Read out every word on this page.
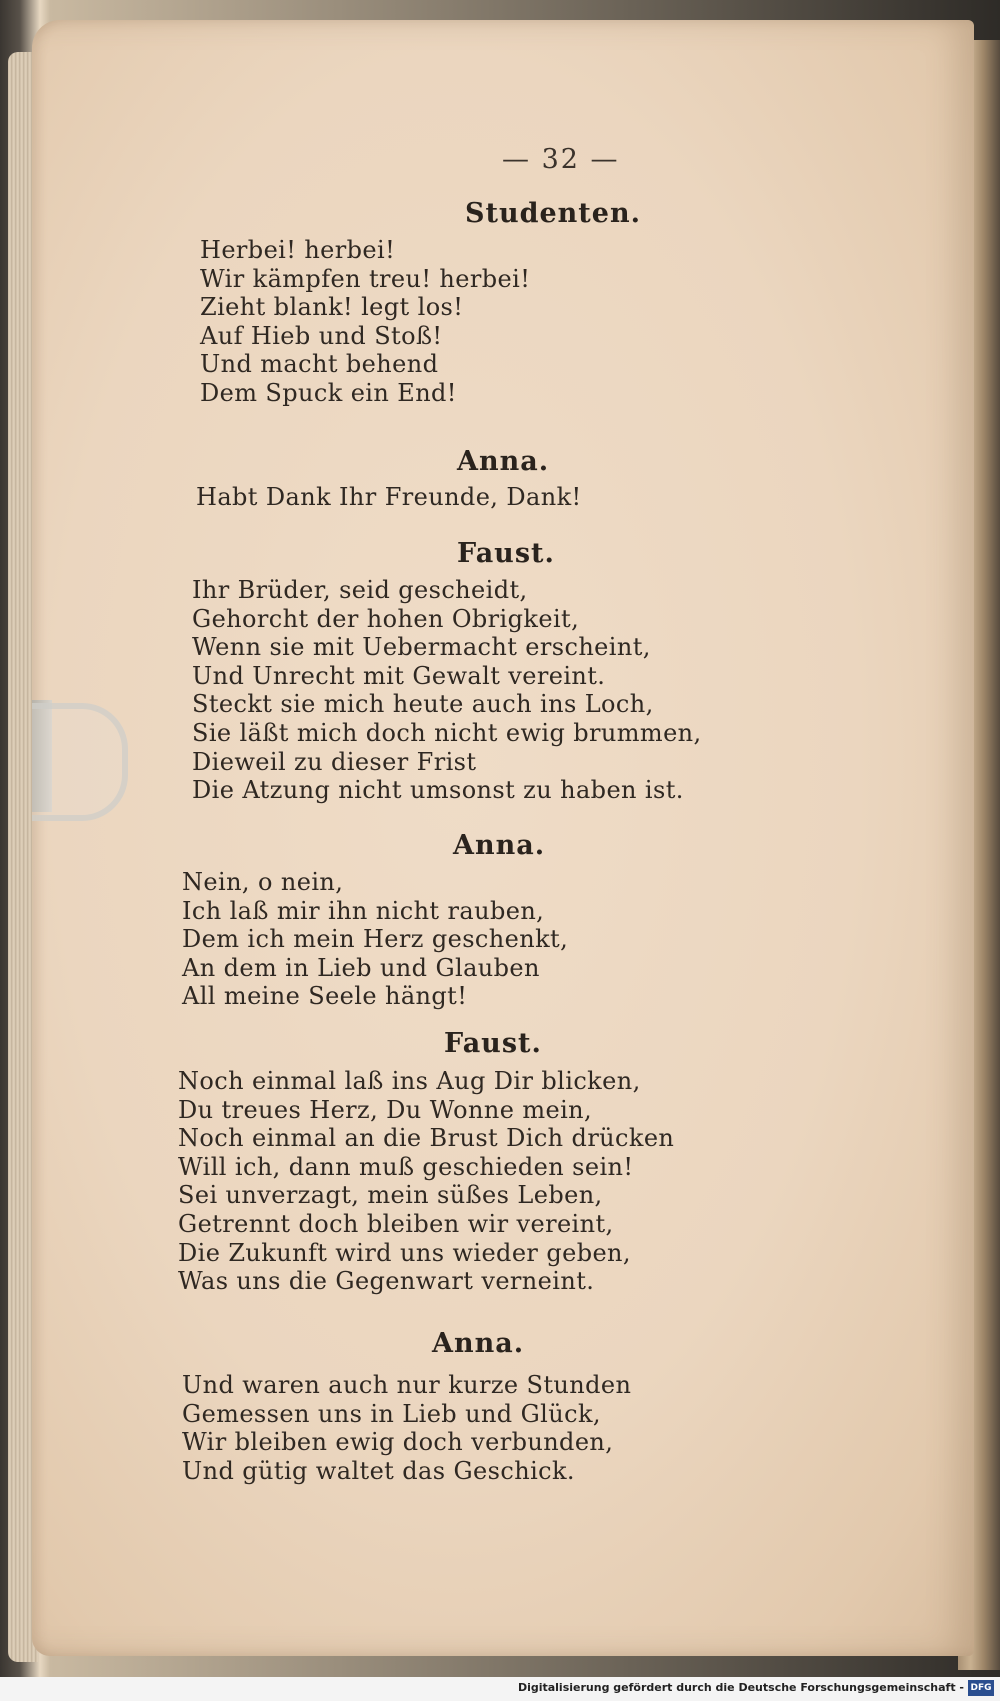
— 32 —
Studenten.
Herbei! herbei!
Wir kämpfen treu! herbei!
Zieht blank! legt los!
Auf Hieb und Stoß!
Und macht behend
Dem Spuck ein End!
Anna.
Habt Dank Ihr Freunde, Dank!
Faust.
Ihr Brüder, seid gescheidt,
Gehorcht der hohen Obrigkeit,
Wenn sie mit Uebermacht erscheint,
Und Unrecht mit Gewalt vereint.
Steckt sie mich heute auch ins Loch,
Sie läßt mich doch nicht ewig brummen,
Dieweil zu dieser Frist
Die Atzung nicht umsonst zu haben ist.
Anna.
Nein, o nein,
Ich laß mir ihn nicht rauben,
Dem ich mein Herz geschenkt,
An dem in Lieb und Glauben
All meine Seele hängt!
Faust.
Noch einmal laß ins Aug Dir blicken,
Du treues Herz, Du Wonne mein,
Noch einmal an die Brust Dich drücken
Will ich, dann muß geschieden sein!
Sei unverzagt, mein süßes Leben,
Getrennt doch bleiben wir vereint,
Die Zukunft wird uns wieder geben,
Was uns die Gegenwart verneint.
Anna.
Und waren auch nur kurze Stunden
Gemessen uns in Lieb und Glück,
Wir bleiben ewig doch verbunden,
Und gütig waltet das Geschick.
Digitalisierung gefördert durch die Deutsche Forschungsgemeinschaft - DFG
